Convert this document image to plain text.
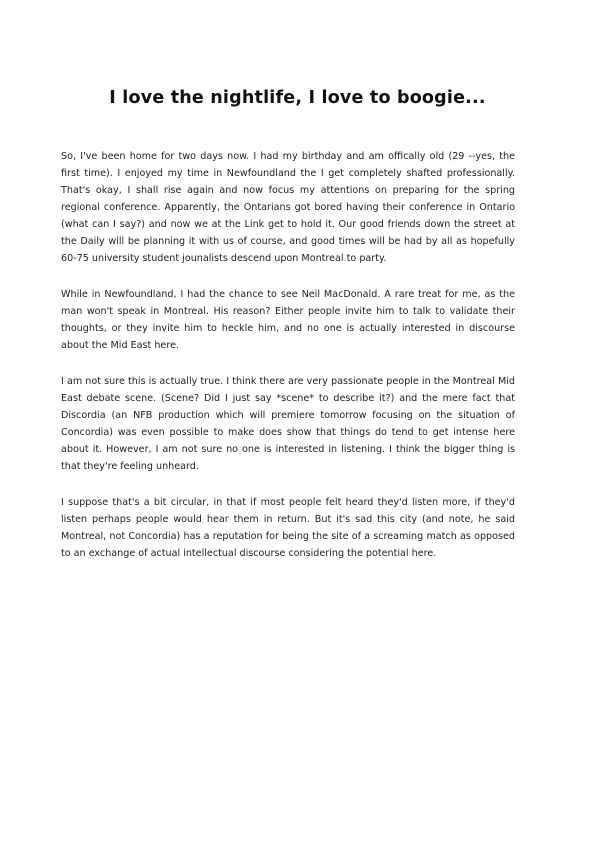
I love the nightlife, I love to boogie...

So, I've been home for two days now. I had my birthday and am offically old (29 --yes, the first time). I enjoyed my time in Newfoundland the I get completely shafted professionally. That's okay, I shall rise again and now focus my attentions on preparing for the spring regional conference. Apparently, the Ontarians got bored having their conference in Ontario (what can I say?) and now we at the Link get to hold it. Our good friends down the street at the Daily will be planning it with us of course, and good times will be had by all as hopefully 60-75 university student jounalists descend upon Montreal to party.

While in Newfoundland, I had the chance to see Neil MacDonald. A rare treat for me, as the man won't speak in Montreal. His reason? Either people invite him to talk to validate their thoughts, or they invite him to heckle him, and no one is actually interested in discourse about the Mid East here.

I am not sure this is actually true. I think there are very passionate people in the Montreal Mid East debate scene. (Scene? Did I just say *scene* to describe it?) and the mere fact that Discordia (an NFB production which will premiere tomorrow focusing on the situation of Concordia) was even possible to make does show that things do tend to get intense here about it. However, I am not sure no one is interested in listening. I think the bigger thing is that they're feeling unheard.

I suppose that's a bit circular, in that if most people felt heard they'd listen more, if they'd listen perhaps people would hear them in return. But it's sad this city (and note, he said Montreal, not Concordia) has a reputation for being the site of a screaming match as opposed to an exchange of actual intellectual discourse considering the potential here.
